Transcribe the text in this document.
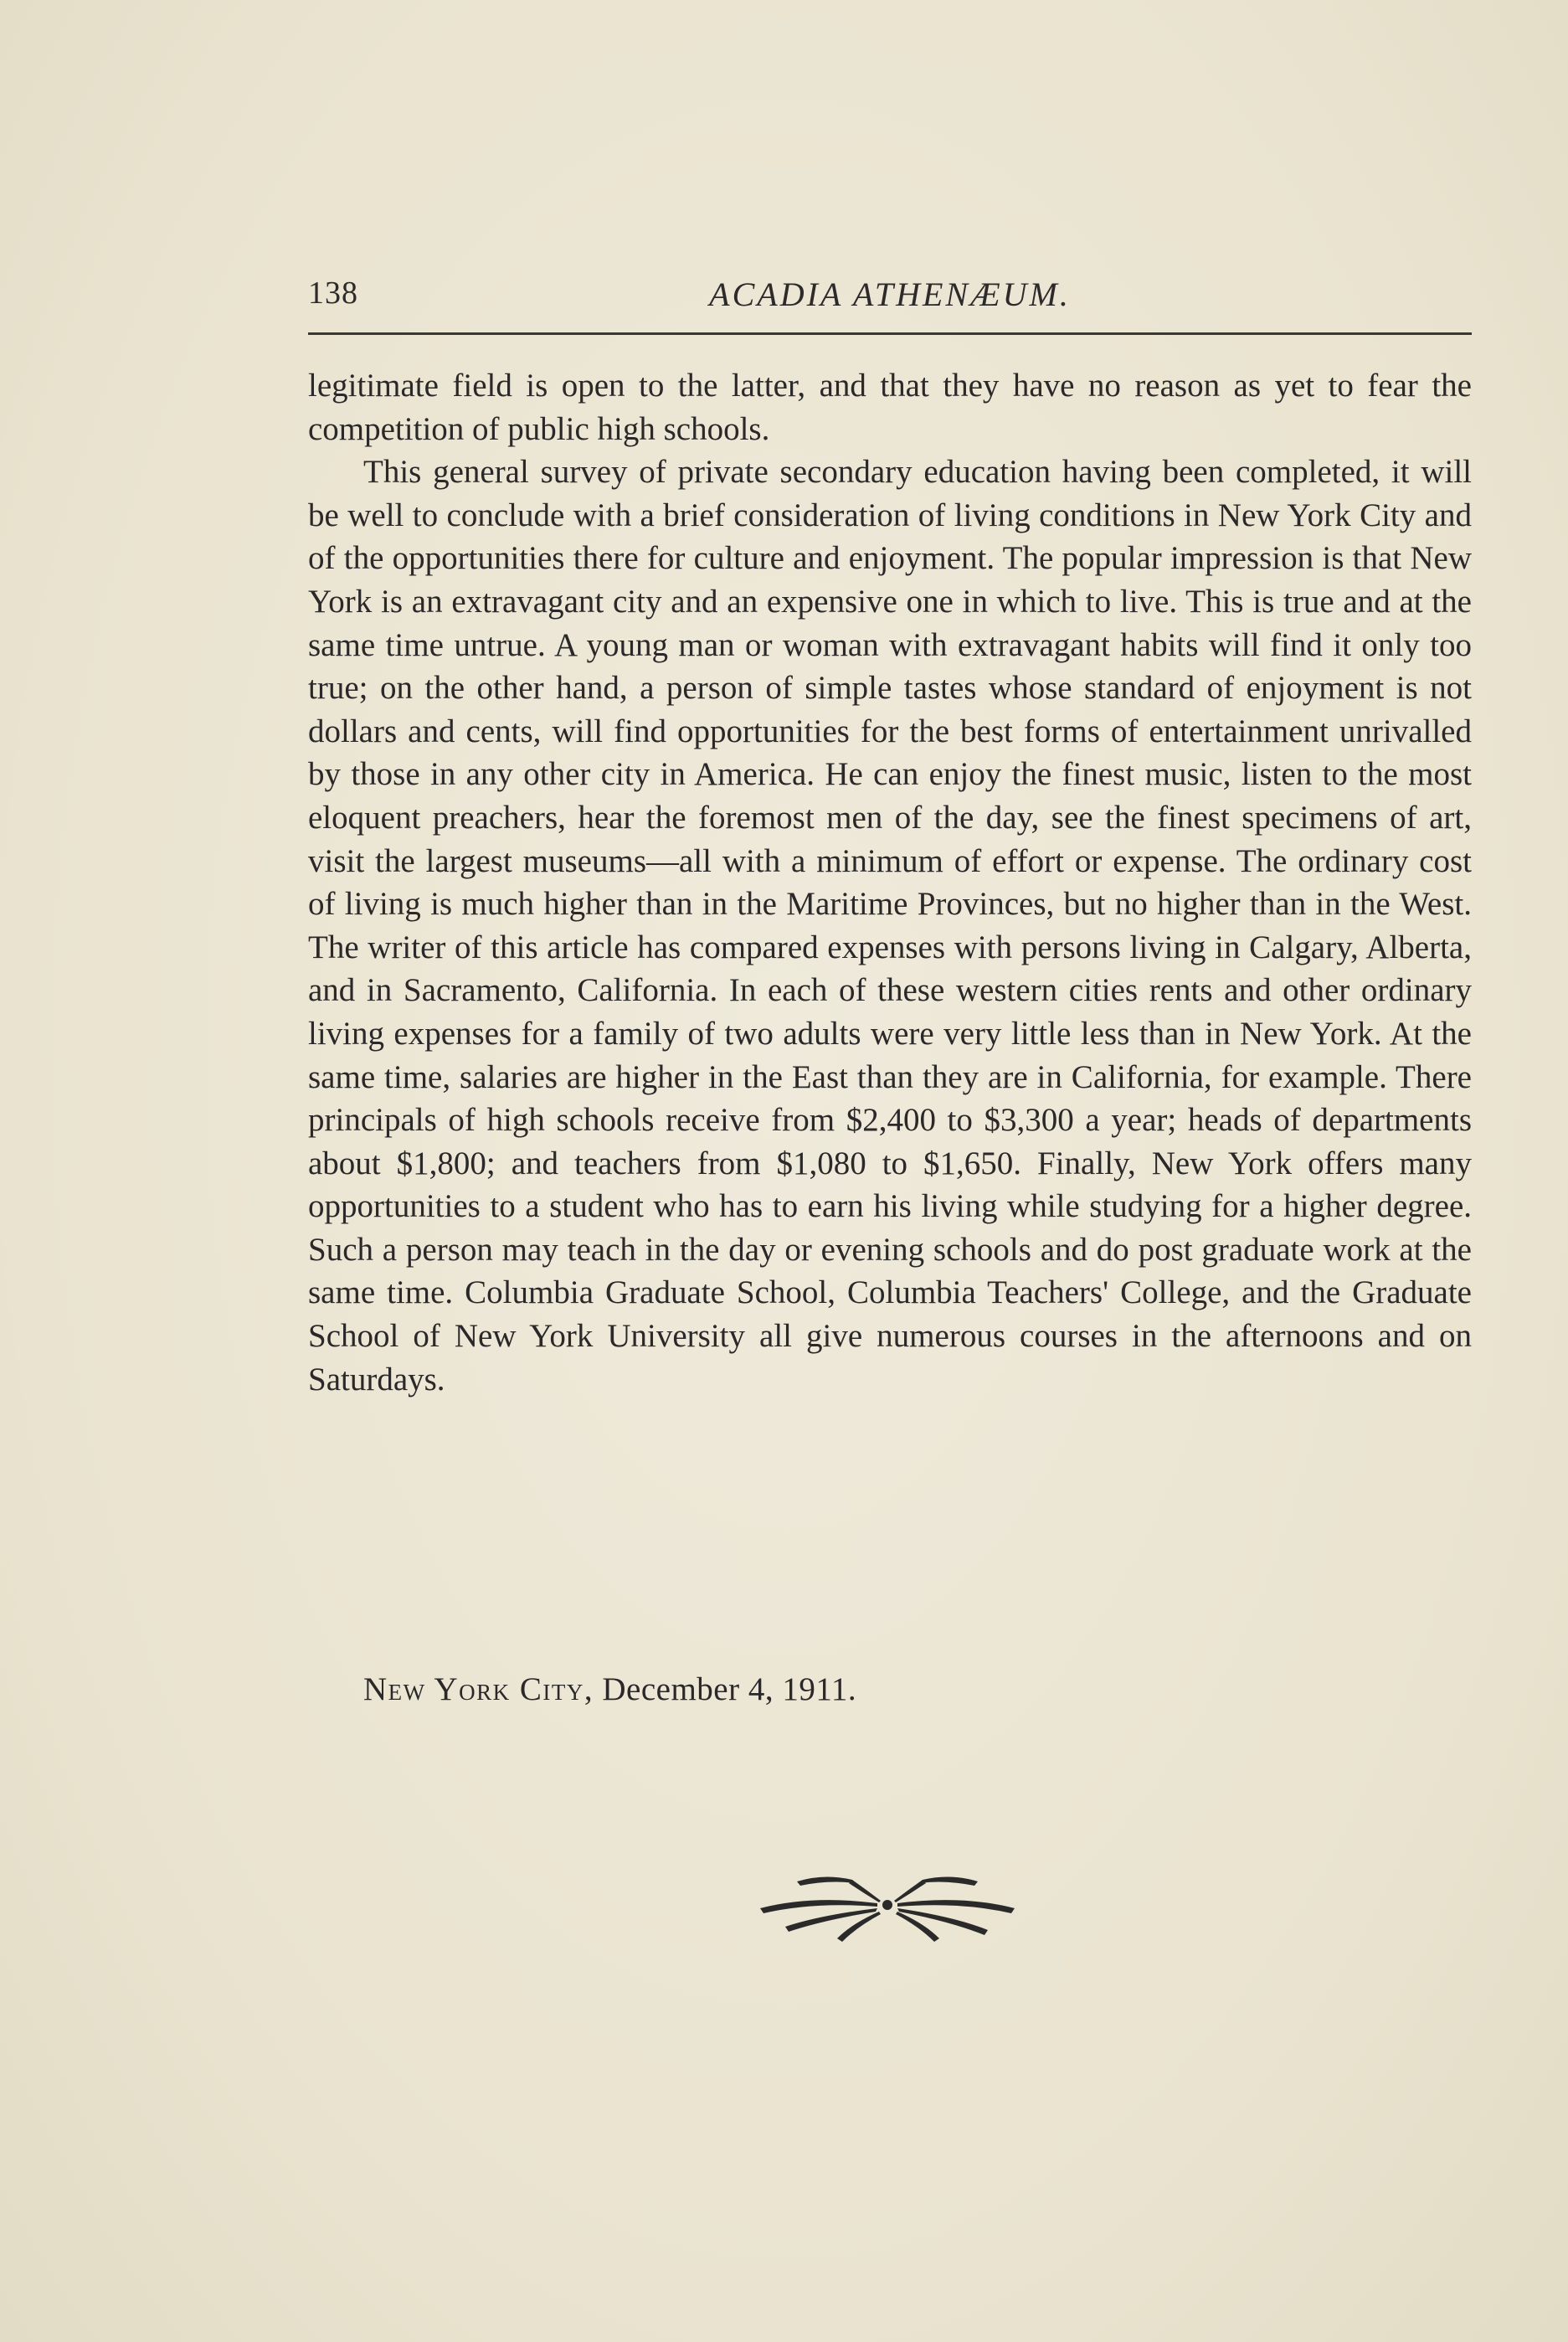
138	ACADIA ATHENÆUM.

legitimate field is open to the latter, and that they have no reason as yet to fear the competition of public high schools.

This general survey of private secondary education having been completed, it will be well to conclude with a brief consideration of living conditions in New York City and of the opportunities there for culture and enjoyment. The popular impression is that New York is an extravagant city and an expensive one in which to live. This is true and at the same time untrue. A young man or woman with extravagant habits will find it only too true; on the other hand, a person of simple tastes whose standard of enjoyment is not dollars and cents, will find opportunities for the best forms of entertainment unrivalled by those in any other city in America. He can enjoy the finest music, listen to the most eloquent preachers, hear the foremost men of the day, see the finest specimens of art, visit the largest museums—all with a minimum of effort or expense. The ordinary cost of living is much higher than in the Maritime Provinces, but no higher than in the West. The writer of this article has compared expenses with persons living in Calgary, Alberta, and in Sacramento, California. In each of these western cities rents and other ordinary living expenses for a family of two adults were very little less than in New York. At the same time, salaries are higher in the East than they are in California, for example. There principals of high schools receive from $2,400 to $3,300 a year; heads of departments about $1,800; and teachers from $1,080 to $1,650. Finally, New York offers many opportunities to a student who has to earn his living while studying for a higher degree. Such a person may teach in the day or evening schools and do post graduate work at the same time. Columbia Graduate School, Columbia Teachers' College, and the Graduate School of New York University all give numerous courses in the afternoons and on Saturdays.

New York City, December 4, 1911.
